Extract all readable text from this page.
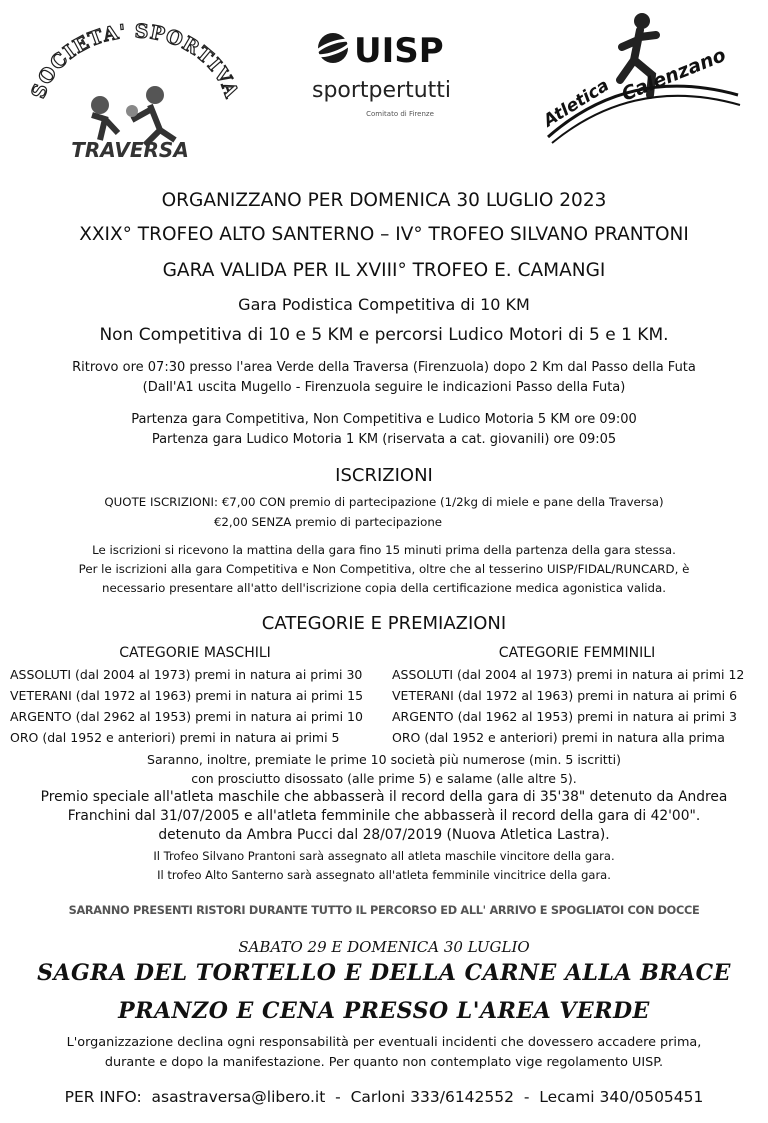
SOCIETA' SPORTIVA
TRAVERSA
UISP
sportpertutti
Comitato di Firenze	Atletica Calenzano
ORGANIZZANO PER DOMENICA 30 LUGLIO 2023
XXIX° TROFEO ALTO SANTERNO – IV° TROFEO SILVANO PRANTONI
GARA VALIDA PER IL XVIII° TROFEO E. CAMANGI
Gara Podistica Competitiva di 10 KM
Non Competitiva di 10 e 5 KM e percorsi Ludico Motori di 5 e 1 KM.
Ritrovo ore 07:30 presso l'area Verde della Traversa (Firenzuola) dopo 2 Km dal Passo della Futa
(Dall'A1 uscita Mugello - Firenzuola seguire le indicazioni Passo della Futa)
Partenza gara Competitiva, Non Competitiva e Ludico Motoria 5 KM ore 09:00
Partenza gara Ludico Motoria 1 KM (riservata a cat. giovanili) ore 09:05
ISCRIZIONI
QUOTE ISCRIZIONI: €7,00 CON premio di partecipazione (1/2kg di miele e pane della Traversa)
€2,00 SENZA premio di partecipazione
Le iscrizioni si ricevono la mattina della gara fino 15 minuti prima della partenza della gara stessa.
Per le iscrizioni alla gara Competitiva e Non Competitiva, oltre che al tesserino UISP/FIDAL/RUNCARD, è
necessario presentare all'atto dell'iscrizione copia della certificazione medica agonistica valida.
CATEGORIE E PREMIAZIONI
CATEGORIE MASCHILI
ASSOLUTI (dal 2004 al 1973) premi in natura ai primi 30
VETERANI (dal 1972 al 1963) premi in natura ai primi 15
ARGENTO (dal 2962 al 1953) premi in natura ai primi 10
ORO (dal 1952 e anteriori) premi in natura ai primi 5
CATEGORIE FEMMINILI
ASSOLUTI (dal 2004 al 1973) premi in natura ai primi 12
VETERANI (dal 1972 al 1963) premi in natura ai primi 6
ARGENTO (dal 1962 al 1953) premi in natura ai primi 3
ORO (dal 1952 e anteriori) premi in natura alla prima
Saranno, inoltre, premiate le prime 10 società più numerose (min. 5 iscritti)
con prosciutto disossato (alle prime 5) e salame (alle altre 5).
Premio speciale all'atleta maschile che abbasserà il record della gara di 35'38" detenuto da Andrea
Franchini dal 31/07/2005 e all'atleta femminile che abbasserà il record della gara di 42'00".
detenuto da Ambra Pucci dal 28/07/2019 (Nuova Atletica Lastra).
Il Trofeo Silvano Prantoni sarà assegnato all atleta maschile vincitore della gara.
Il trofeo Alto Santerno sarà assegnato all'atleta femminile vincitrice della gara.
SARANNO PRESENTI RISTORI DURANTE TUTTO IL PERCORSO ED ALL' ARRIVO E SPOGLIATOI CON DOCCE
SABATO 29 E DOMENICA 30 LUGLIO
SAGRA DEL TORTELLO E DELLA CARNE ALLA BRACE
PRANZO E CENA PRESSO L'AREA VERDE
L'organizzazione declina ogni responsabilità per eventuali incidenti che dovessero accadere prima,
durante e dopo la manifestazione. Per quanto non contemplato vige regolamento UISP.
PER INFO:  asastraversa@libero.it  -  Carloni 333/6142552  -  Lecami 340/0505451
